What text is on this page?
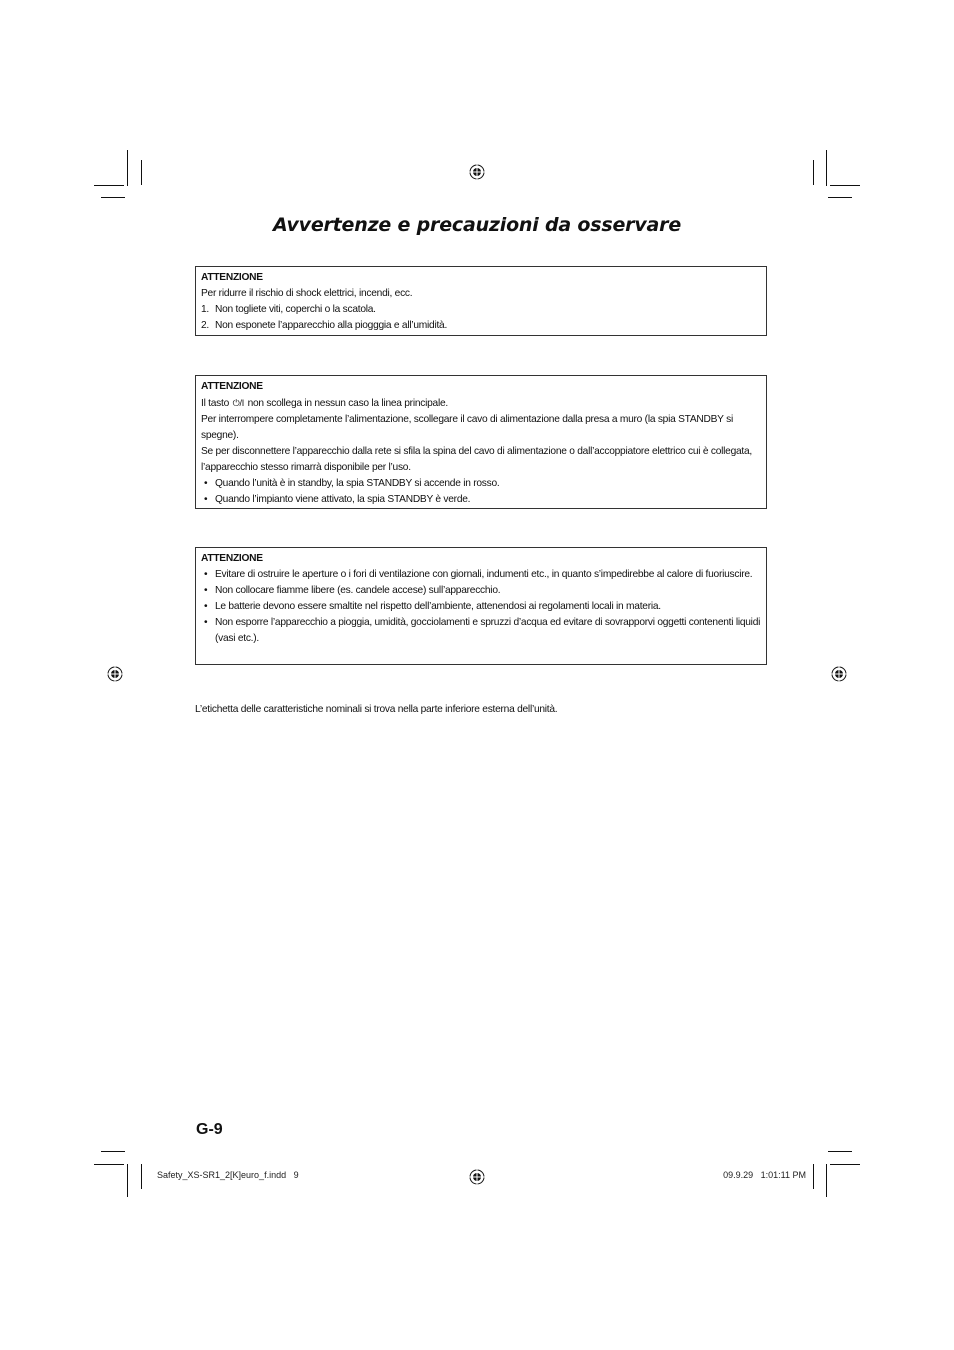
Avvertenze e precauzioni da osservare

ATTENZIONE

Per ridurre il rischio di shock elettrici, incendi, ecc.

1. Non togliete viti, coperchi o la scatola.
2. Non esponete l’apparecchio alla piogggia e all’umidità.

ATTENZIONE

Il tasto ⏻/I non scollega in nessun caso la linea principale.

Per interrompere completamente l’alimentazione, scollegare il cavo di alimentazione dalla presa a muro (la spia STANDBY si spegne).

Se per disconnettere l’apparecchio dalla rete si sfila la spina del cavo di alimentazione o dall’accoppiatore elettrico cui è collegata, l’apparecchio stesso rimarrà disponibile per l’uso.

• Quando l’unità è in standby, la spia STANDBY si accende in rosso.
• Quando l’impianto viene attivato, la spia STANDBY è verde.

ATTENZIONE

• Evitare di ostruire le aperture o i fori di ventilazione con giornali, indumenti etc., in quanto s’impedirebbe al calore di fuoriuscire.
• Non collocare fiamme libere (es. candele accese) sull’apparecchio.
• Le batterie devono essere smaltite nel rispetto dell’ambiente, attenendosi ai regolamenti locali in materia.
• Non esporre l’apparecchio a pioggia, umidità, gocciolamenti e spruzzi d’acqua ed evitare di sovrapporvi oggetti contenenti liquidi (vasi etc.).

L’etichetta delle caratteristiche nominali si trova nella parte inferiore esterna dell’unità.

G-9

Safety_XS-SR1_2[K]euro_f.indd   9	09.9.29   1:01:11 PM
